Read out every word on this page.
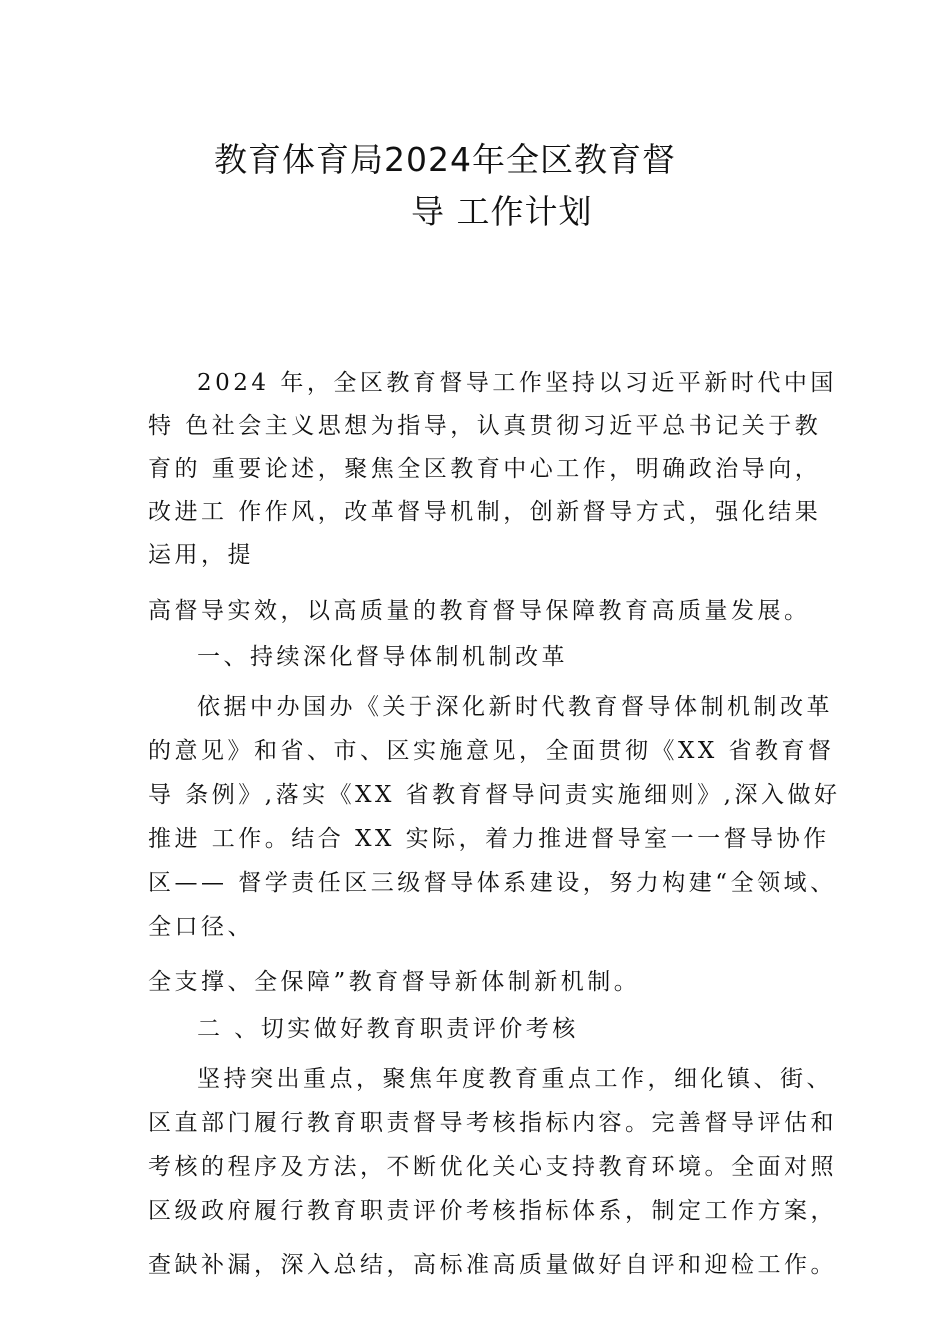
教育体育局2024年全区教育督
导 工作计划
2024 年，全区教育督导工作坚持以习近平新时代中国
特 色社会主义思想为指导，认真贯彻习近平总书记关于教
育的 重要论述，聚焦全区教育中心工作，明确政治导向，
改进工 作作风，改革督导机制，创新督导方式，强化结果
运用，提
高督导实效，以高质量的教育督导保障教育高质量发展。
一、持续深化督导体制机制改革
依据中办国办《关于深化新时代教育督导体制机制改革
的意见》和省、市、区实施意见，全面贯彻《XX 省教育督
导 条例》,落实《XX 省教育督导问责实施细则》,深入做好
推进 工作。结合 XX 实际，着力推进督导室一一督导协作
区—— 督学责任区三级督导体系建设，努力构建“全领域、
全口径、
全支撑、全保障”教育督导新体制新机制。
二 、切实做好教育职责评价考核
坚持突出重点，聚焦年度教育重点工作，细化镇、街、
区直部门履行教育职责督导考核指标内容。完善督导评估和
考核的程序及方法，不断优化关心支持教育环境。全面对照
区级政府履行教育职责评价考核指标体系，制定工作方案，
查缺补漏，深入总结，高标准高质量做好自评和迎检工作。
